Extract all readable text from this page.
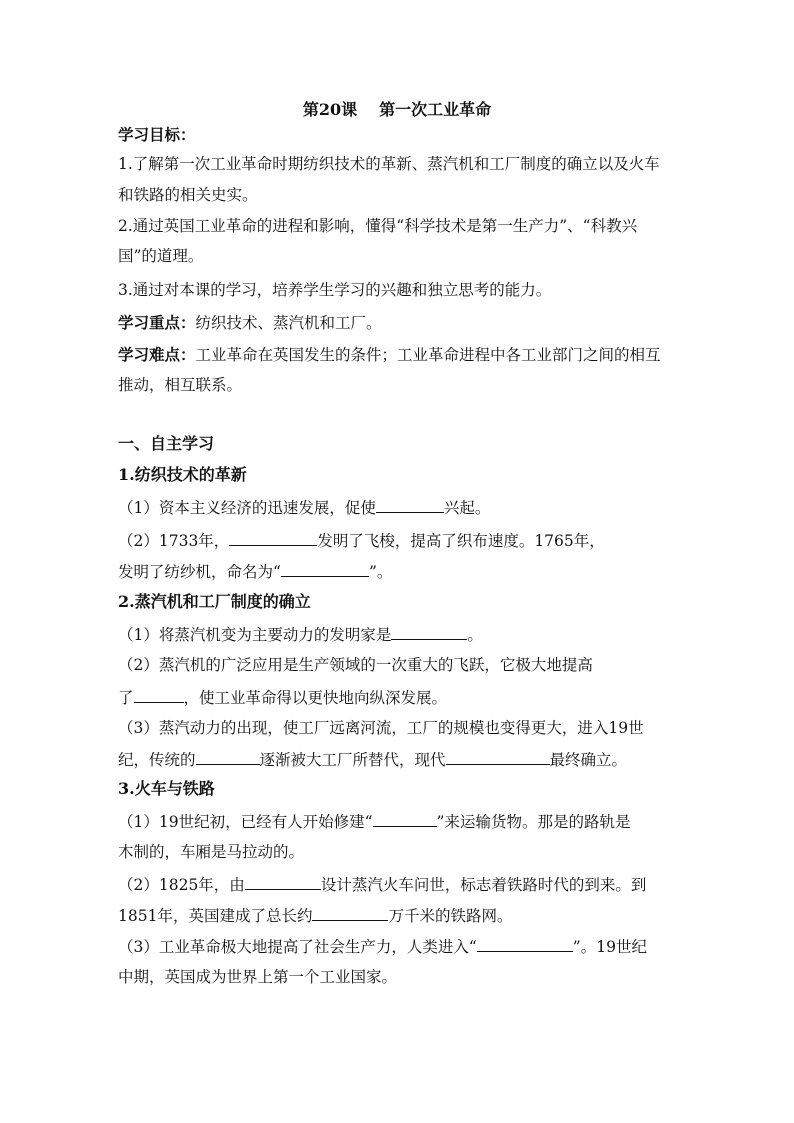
第20课 第一次工业革命
学习目标：
1.了解第一次工业革命时期纺织技术的革新、蒸汽机和工厂制度的确立以及火车
和铁路的相关史实。
2.通过英国工业革命的进程和影响，懂得“科学技术是第一生产力”、“科教兴
国”的道理。
3.通过对本课的学习，培养学生学习的兴趣和独立思考的能力。
学习重点：纺织技术、蒸汽机和工厂。
学习难点：工业革命在英国发生的条件；工业革命进程中各工业部门之间的相互
推动，相互联系。
一、自主学习
1.纺织技术的革新
（1）资本主义经济的迅速发展，促使	兴起。
（2）1733年，	发明了飞梭，提高了织布速度。1765年，
发明了纺纱机，命名为“	”。
2.蒸汽机和工厂制度的确立
（1）将蒸汽机变为主要动力的发明家是	。
（2）蒸汽机的广泛应用是生产领域的一次重大的飞跃，它极大地提高
了	，使工业革命得以更快地向纵深发展。
（3）蒸汽动力的出现，使工厂远离河流，工厂的规模也变得更大，进入19世
纪，传统的	逐渐被大工厂所替代，现代	最终确立。
3.火车与铁路
（1）19世纪初，已经有人开始修建“	”来运输货物。那是的路轨是
木制的，车厢是马拉动的。
（2）1825年，由	设计蒸汽火车问世，标志着铁路时代的到来。到
1851年，英国建成了总长约	万千米的铁路网。
（3）工业革命极大地提高了社会生产力，人类进入“	”。19世纪
中期，英国成为世界上第一个工业国家。
